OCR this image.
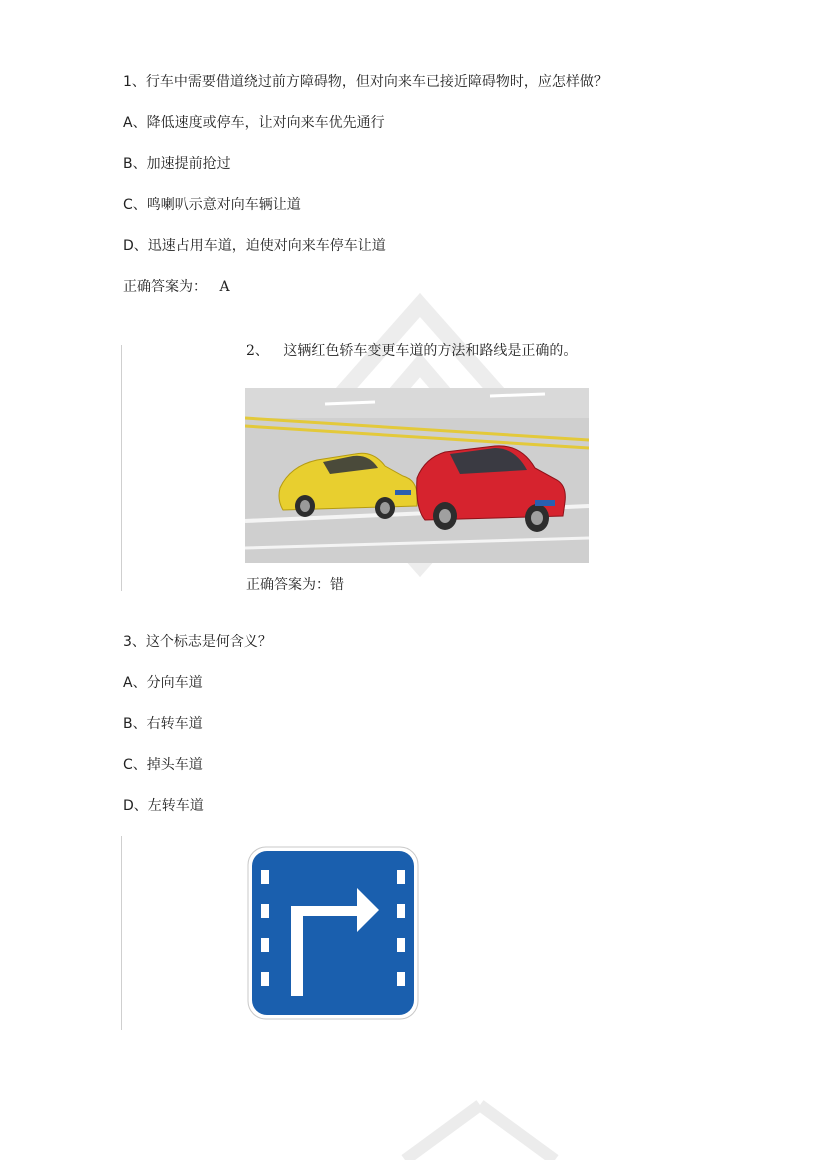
1、行车中需要借道绕过前方障碍物，但对向来车已接近障碍物时，应怎样做？
A、降低速度或停车，让对向来车优先通行
B、加速提前抢过
C、鸣喇叭示意对向车辆让道
D、迅速占用车道，迫使对向来车停车让道
正确答案为： A
2、 这辆红色轿车变更车道的方法和路线是正确的。
正确答案为：错
3、这个标志是何含义？
A、分向车道
B、右转车道
C、掉头车道
D、左转车道
